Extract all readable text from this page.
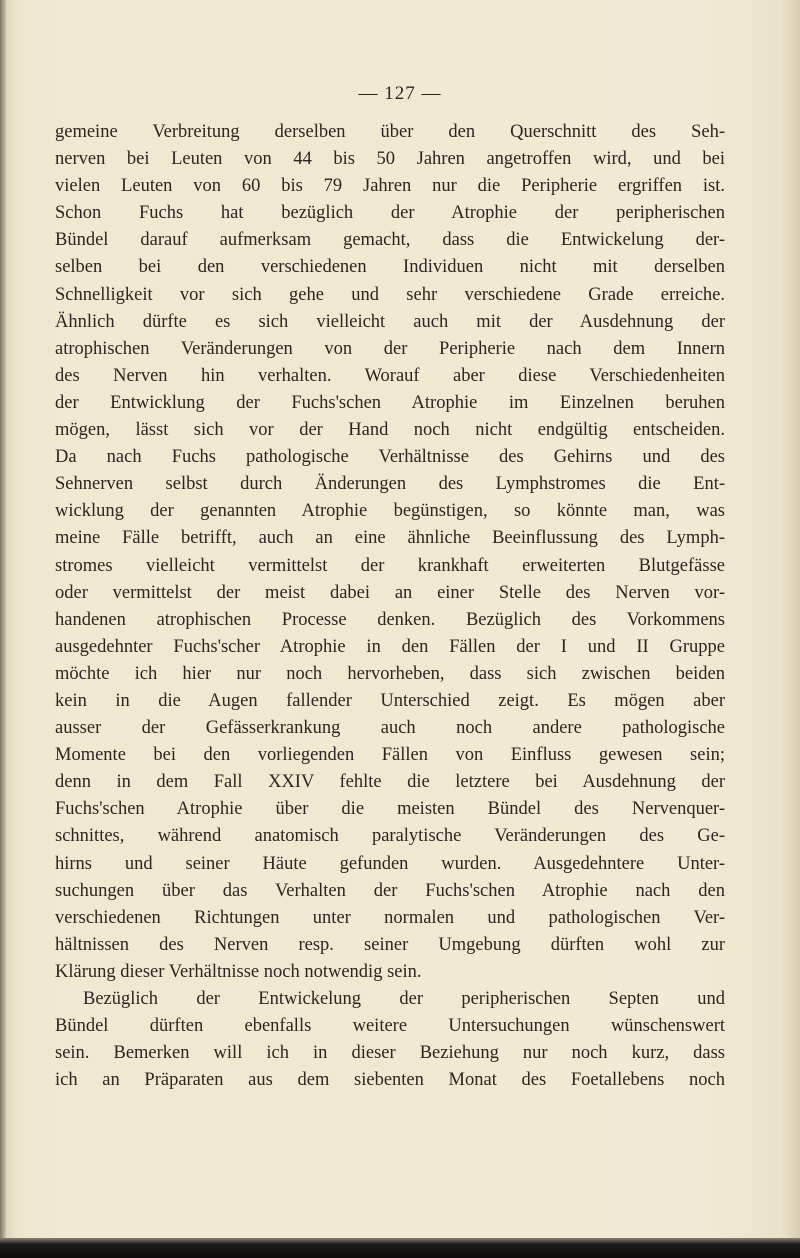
— 127 —
gemeine Verbreitung derselben über den Querschnitt des Seh-
nerven bei Leuten von 44 bis 50 Jahren angetroffen wird, und bei
vielen Leuten von 60 bis 79 Jahren nur die Peripherie ergriffen ist.
Schon Fuchs hat bezüglich der Atrophie der peripherischen
Bündel darauf aufmerksam gemacht, dass die Entwickelung der-
selben bei den verschiedenen Individuen nicht mit derselben
Schnelligkeit vor sich gehe und sehr verschiedene Grade erreiche.
Ähnlich dürfte es sich vielleicht auch mit der Ausdehnung der
atrophischen Veränderungen von der Peripherie nach dem Innern
des Nerven hin verhalten. Worauf aber diese Verschiedenheiten
der Entwicklung der Fuchs'schen Atrophie im Einzelnen beruhen
mögen, lässt sich vor der Hand noch nicht endgültig entscheiden.
Da nach Fuchs pathologische Verhältnisse des Gehirns und des
Sehnerven selbst durch Änderungen des Lymphstromes die Ent-
wicklung der genannten Atrophie begünstigen, so könnte man, was
meine Fälle betrifft, auch an eine ähnliche Beeinflussung des Lymph-
stromes vielleicht vermittelst der krankhaft erweiterten Blutgefässe
oder vermittelst der meist dabei an einer Stelle des Nerven vor-
handenen atrophischen Processe denken. Bezüglich des Vorkommens
ausgedehnter Fuchs'scher Atrophie in den Fällen der I und II Gruppe
möchte ich hier nur noch hervorheben, dass sich zwischen beiden
kein in die Augen fallender Unterschied zeigt. Es mögen aber
ausser der Gefässerkrankung auch noch andere pathologische
Momente bei den vorliegenden Fällen von Einfluss gewesen sein;
denn in dem Fall XXIV fehlte die letztere bei Ausdehnung der
Fuchs'schen Atrophie über die meisten Bündel des Nervenquer-
schnittes, während anatomisch paralytische Veränderungen des Ge-
hirns und seiner Häute gefunden wurden. Ausgedehntere Unter-
suchungen über das Verhalten der Fuchs'schen Atrophie nach den
verschiedenen Richtungen unter normalen und pathologischen Ver-
hältnissen des Nerven resp. seiner Umgebung dürften wohl zur
Klärung dieser Verhältnisse noch notwendig sein.
Bezüglich der Entwickelung der peripherischen Septen und
Bündel dürften ebenfalls weitere Untersuchungen wünschenswert
sein. Bemerken will ich in dieser Beziehung nur noch kurz, dass
ich an Präparaten aus dem siebenten Monat des Foetallebens noch
